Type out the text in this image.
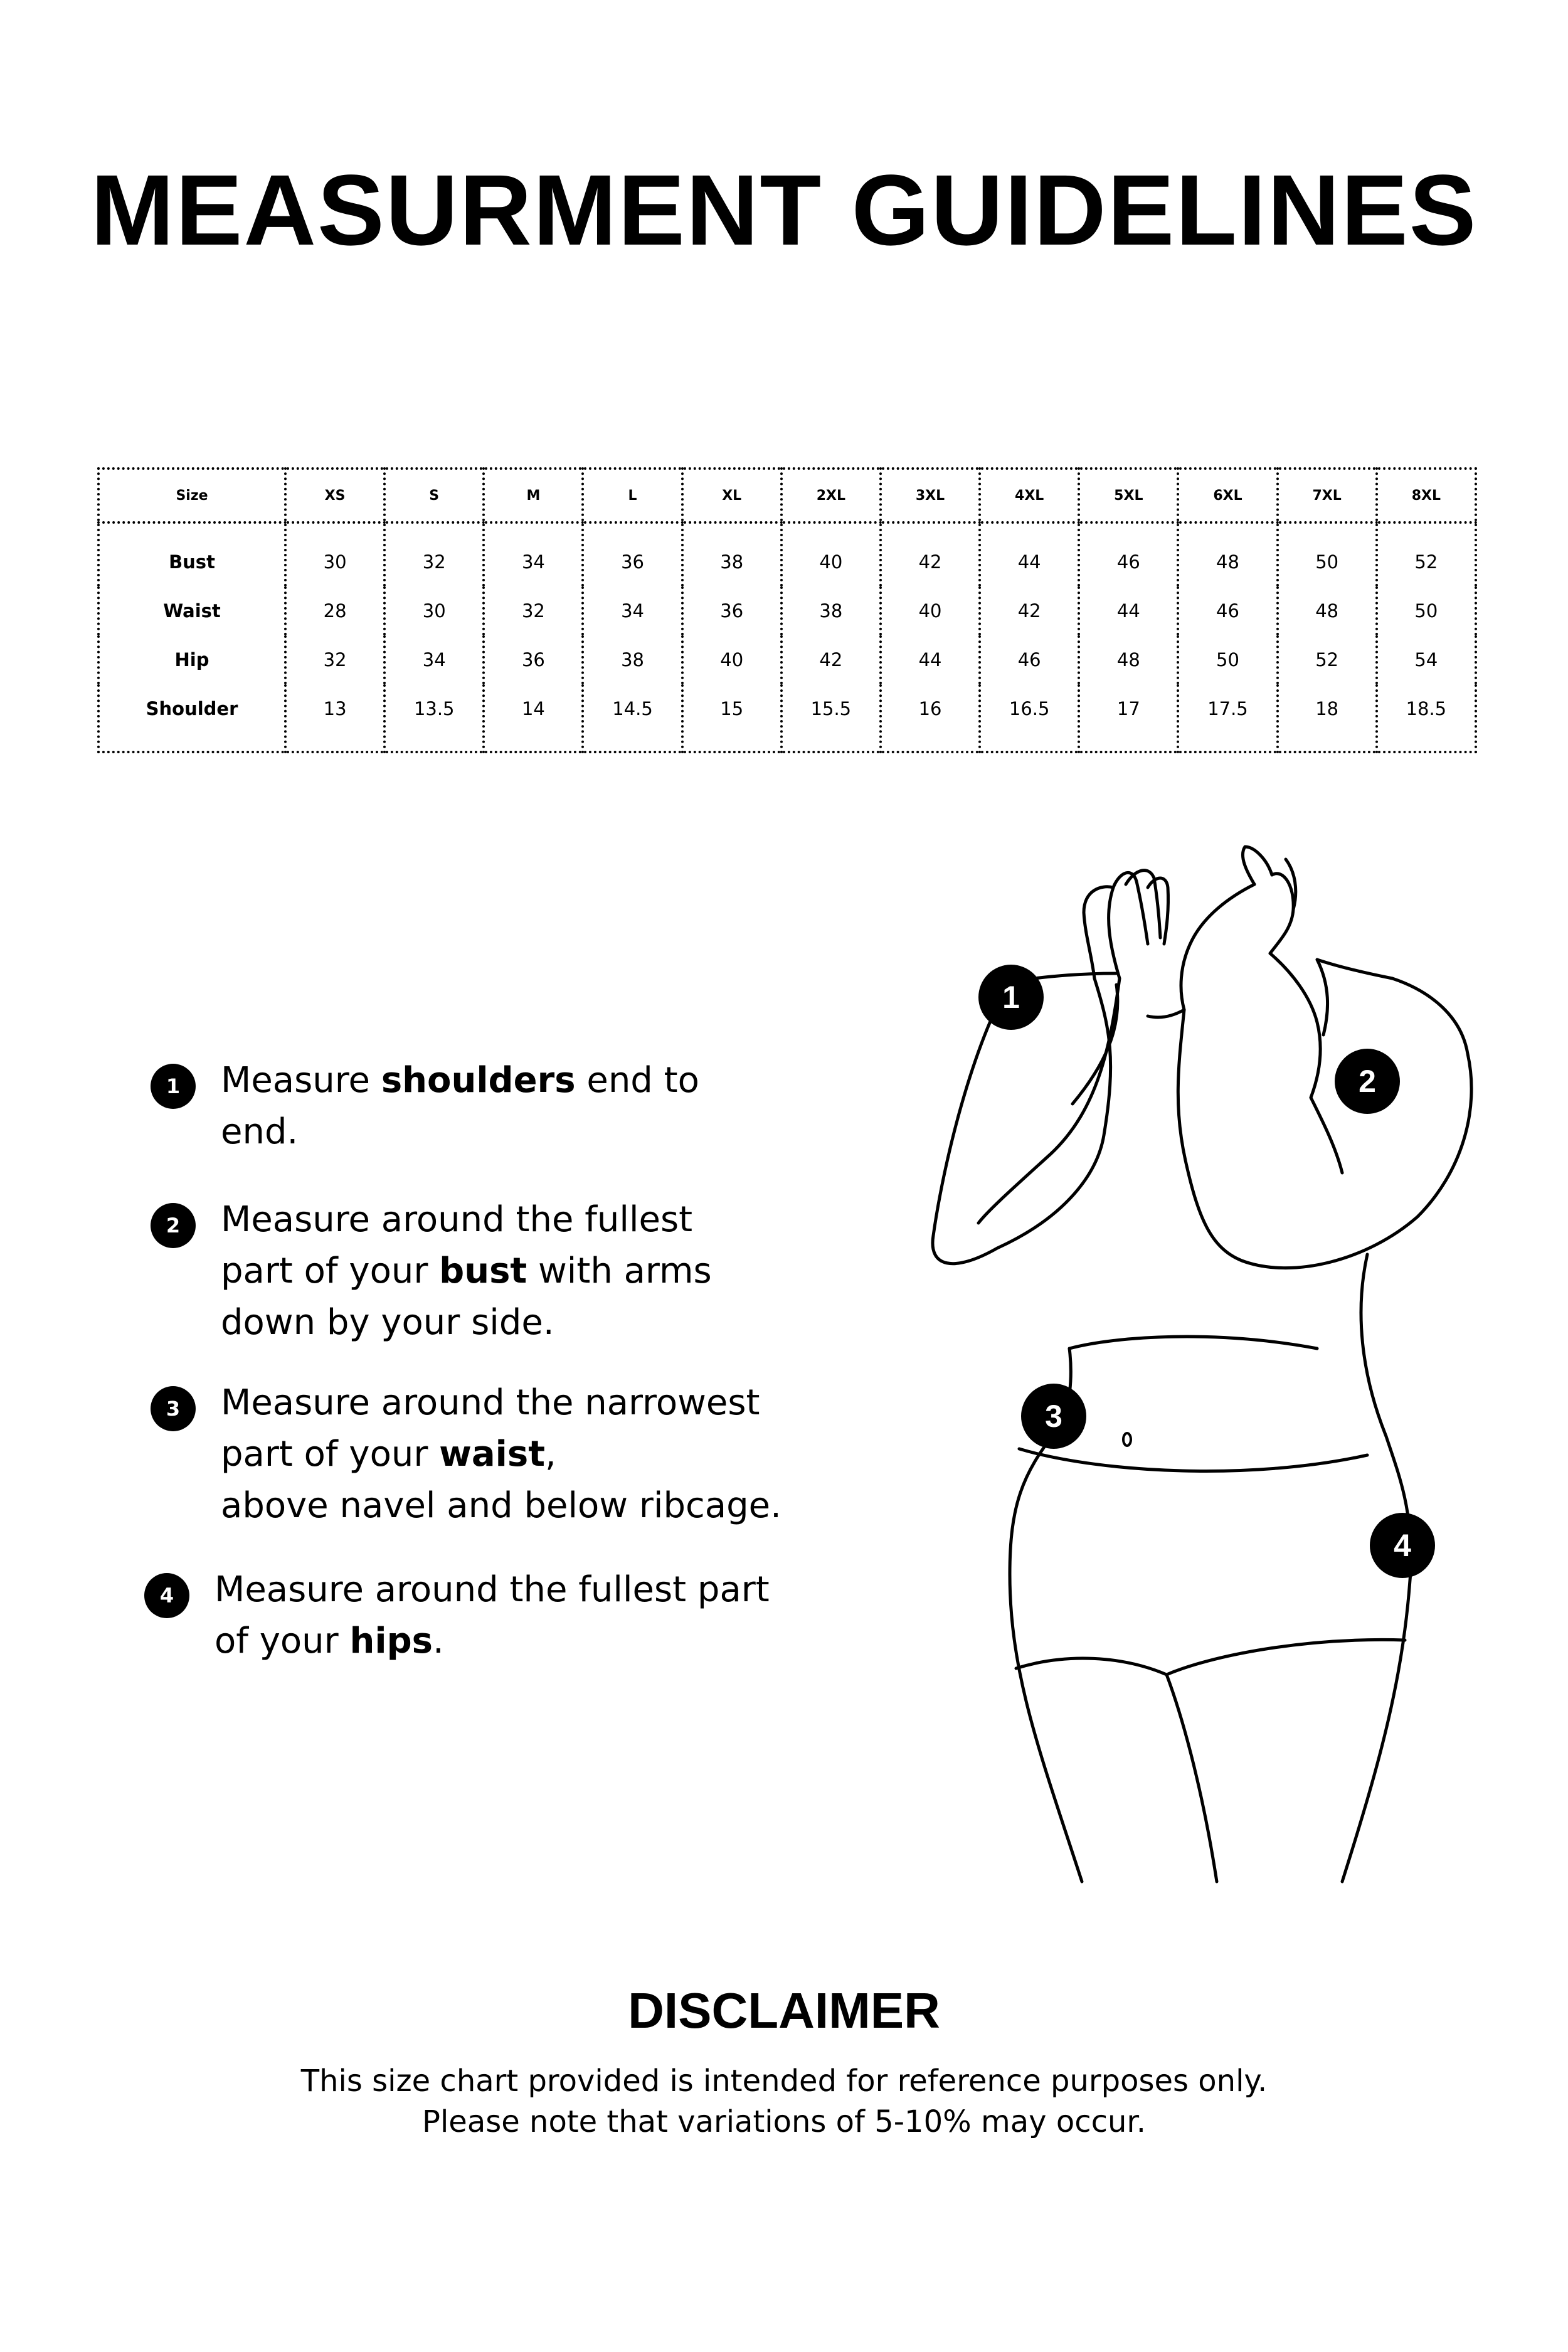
MEASURMENT GUIDELINES
Size	XS	S	M	L	XL	2XL	3XL	4XL	5XL	6XL	7XL	8XL
Bust	30	32	34	36	38	40	42	44	46	48	50	52
Waist	28	30	32	34	36	38	40	42	44	46	48	50
Hip	32	34	36	38	40	42	44	46	48	50	52	54
Shoulder	13	13.5	14	14.5	15	15.5	16	16.5	17	17.5	18	18.5
1	Measure shoulders end to
end.
2	Measure around the fullest
part of your bust with arms
down by your side.
3	Measure around the narrowest
part of your waist,
above navel and below ribcage.
4	Measure around the fullest part
of your hips.
1
2
3
4
DISCLAIMER
This size chart provided is intended for reference purposes only.
Please note that variations of 5-10% may occur.
